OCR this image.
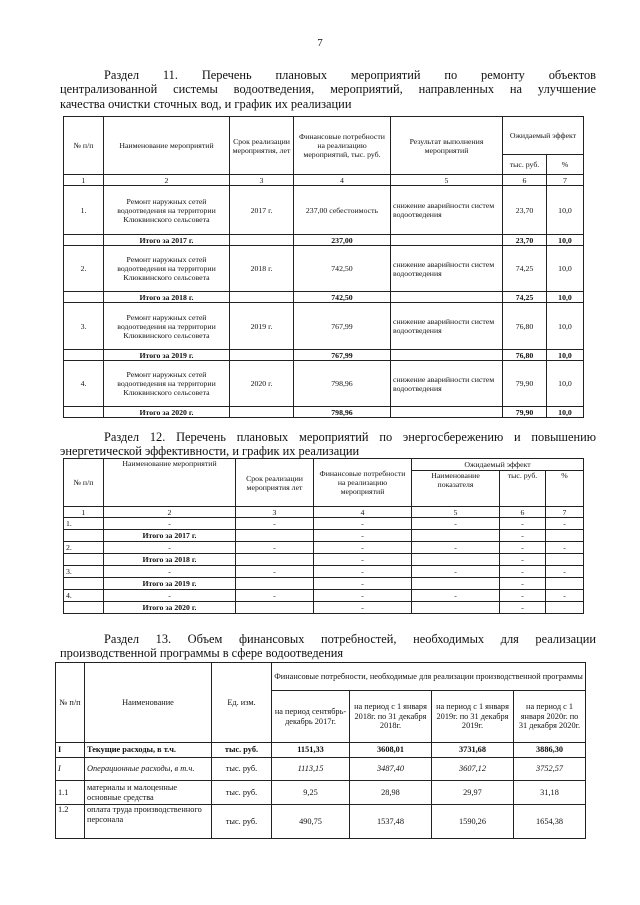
7
Раздел 11. Перечень плановых мероприятий по ремонту объектов
централизованной системы водоотведения, мероприятий, направленных на улучшение
качества очистки сточных вод, и график их реализации
№ п/п	Наименование мероприятий	Срок реализации мероприятия, лет	Финансовые потребности на реализацию мероприятий, тыс. руб.	Результат выполнения мероприятий	Ожидаемый эффект	
					тыс. руб.	%
1	2	3	4	5	6	7
1.	Ремонт наружных сетей водоотведения на территории Клюквинского сельсовета	2017 г.	237,00 себестоимость	снижение аварийности систем водоотведения	23,70	10,0
	Итого за 2017 г.		237,00		23,70	10,0
2.	Ремонт наружных сетей водоотведения на территории Клюквинского сельсовета	2018 г.	742,50	снижение аварийности систем водоотведения	74,25	10,0
	Итого за 2018 г.		742,50		74,25	10,0
3.	Ремонт наружных сетей водоотведения на территории Клюквинского сельсовета	2019 г.	767,99	снижение аварийности систем водоотведения	76,80	10,0
	Итого за 2019 г.		767,99		76,80	10,0
4.	Ремонт наружных сетей водоотведения на территории Клюквинского сельсовета	2020 г.	798,96	снижение аварийности систем водоотведения	79,90	10,0
	Итого за 2020 г.		798,96		79,90	10,0
Раздел 12. Перечень плановых мероприятий по энергосбережению и повышению
энергетической эффективности, и график их реализации
№ п/п	Наименование мероприятий	Срок реализации мероприятия лет	Финансовые потребности на реализацию мероприятий	Ожидаемый эффект		
				Наименование показателя	тыс. руб.	%
1	2	3	4	5	6	7
1.	-	-	-	-	-	-
	Итого за 2017 г.		-		-	
2.	-	-	-	-	-	-
	Итого за 2018 г.		-		-	
3.	-	-	-	-	-	-
	Итого за 2019 г.		-		-	
4.	-	-	-	-	-	-
	Итого за 2020 г.		-		-	
Раздел 13. Объем финансовых потребностей, необходимых для реализации
производственной программы в сфере водоотведения
№ п/п	Наименование	Ед. изм.	Финансовые потребности, необходимые для реализации производственной программы			
			на период сентябрь-декабрь 2017г.	на период с 1 января 2018г. по 31 декабря 2018г.	на период с 1 января 2019г. по 31 декабря 2019г.	на период с 1 января 2020г. по 31 декабря 2020г.
I	Текущие расходы, в т.ч.	тыс. руб.	1151,33	3608,01	3731,68	3886,30
I	Операционные расходы, в т.ч.	тыс. руб.	1113,15	3487,40	3607,12	3752,57
1.1	материалы и малоценные основные средства	тыс. руб.	9,25	28,98	29,97	31,18
1.2	оплата труда производственного персонала	тыс. руб.	490,75	1537,48	1590,26	1654,38
